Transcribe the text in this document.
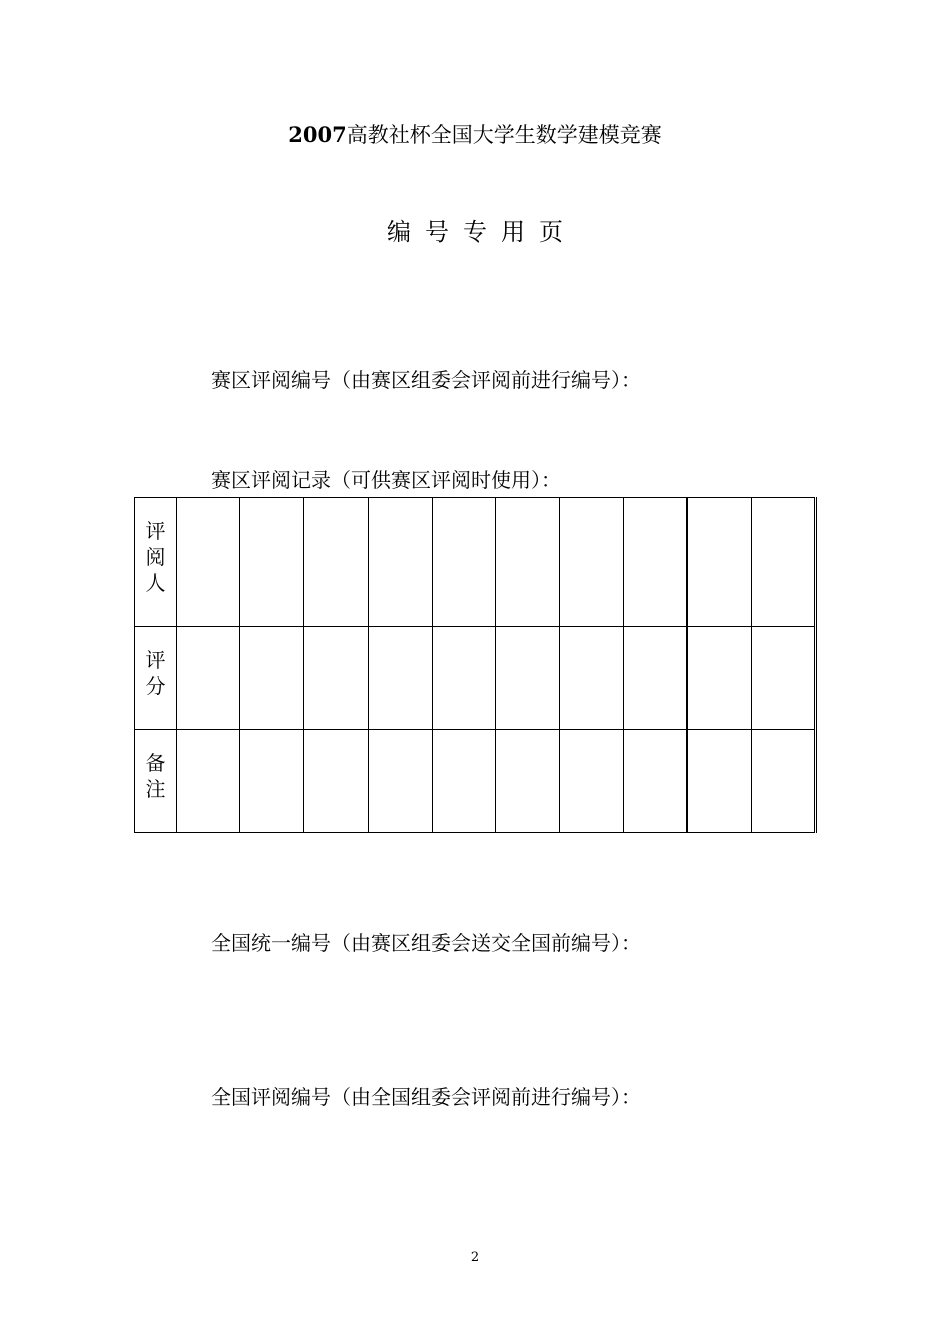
2007高教社杯全国大学生数学建模竞赛
编号专用页
赛区评阅编号（由赛区组委会评阅前进行编号）：
赛区评阅记录（可供赛区评阅时使用）：
评
阅
人										

评
分										

备
注										

全国统一编号（由赛区组委会送交全国前编号）：
全国评阅编号（由全国组委会评阅前进行编号）：
2
